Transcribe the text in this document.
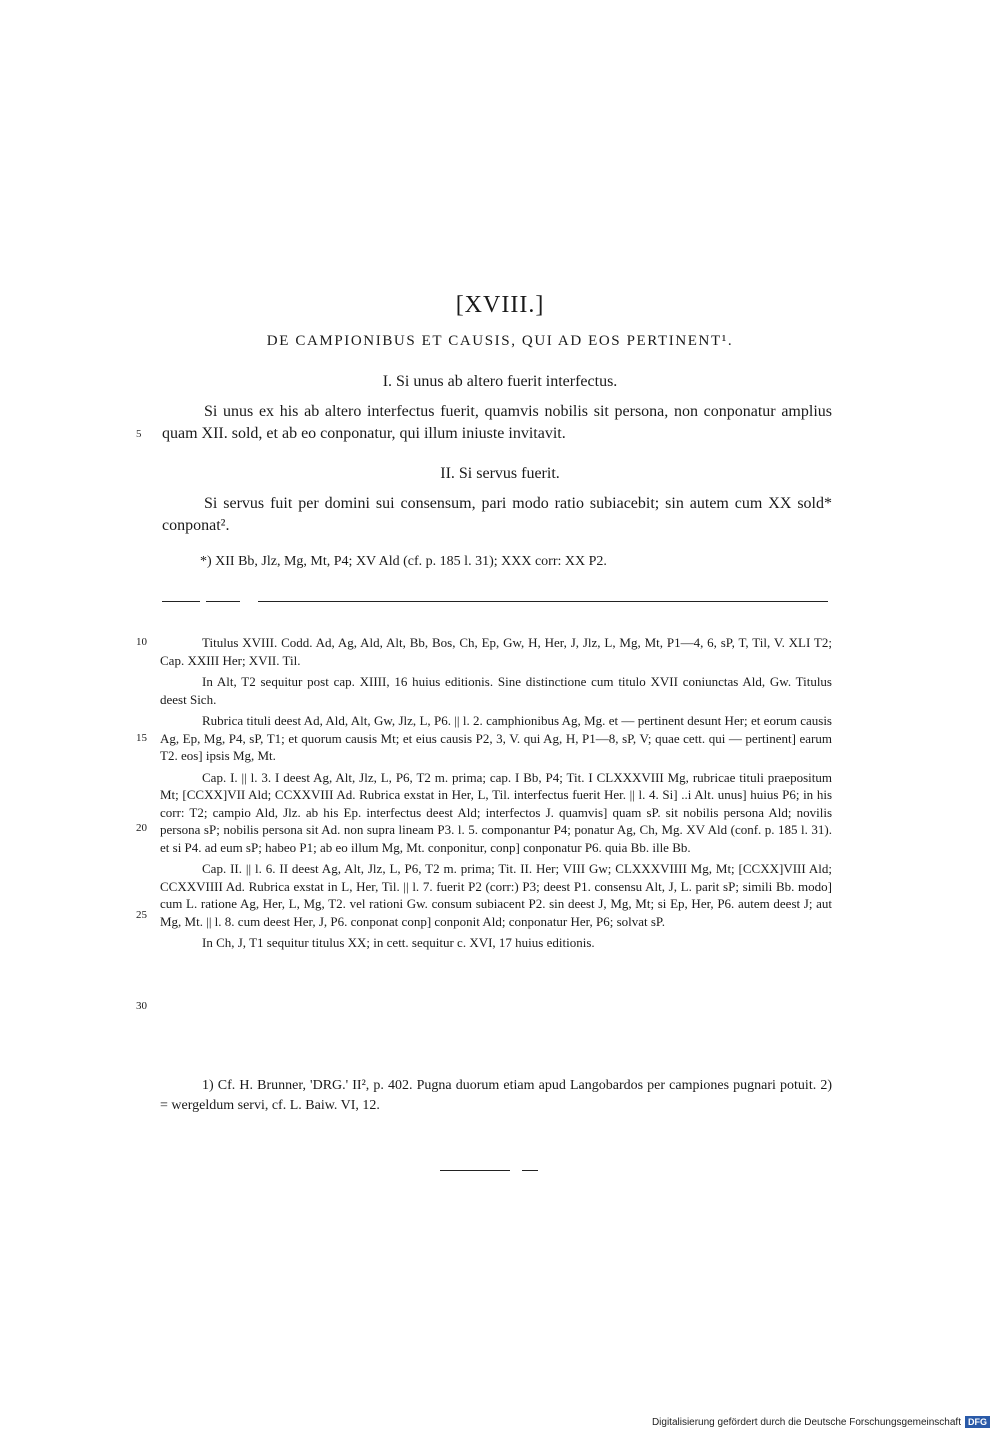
[XVIII.]
DE CAMPIONIBUS ET CAUSIS, QUI AD EOS PERTINENT¹.
I. Si unus ab altero fuerit interfectus.
Si unus ex his ab altero interfectus fuerit, quamvis nobilis sit persona, non conponatur amplius quam XII. sold, et ab eo conponatur, qui illum iniuste invitavit.
5
II. Si servus fuerit.
Si servus fuit per domini sui consensum, pari modo ratio subiacebit; sin autem cum XX sold* conponat².
*) XII Bb, Jlz, Mg, Mt, P4; XV Ald (cf. p. 185 l. 31); XXX corr: XX P2.
10
15
20
25
30

Titulus XVIII. Codd. Ad, Ag, Ald, Alt, Bb, Bos, Ch, Ep, Gw, H, Her, J, Jlz, L, Mg, Mt, P1—4, 6, sP, T, Til, V. XLI T2; Cap. XXIII Her; XVII. Til.

In Alt, T2 sequitur post cap. XIIII, 16 huius editionis. Sine distinctione cum titulo XVII coniunctas Ald, Gw. Titulus deest Sich.

Rubrica tituli deest Ad, Ald, Alt, Gw, Jlz, L, P6. || l. 2. camphionibus Ag, Mg. et — pertinent desunt Her; et eorum causis Ag, Ep, Mg, P4, sP, T1; et quorum causis Mt; et eius causis P2, 3, V. qui Ag, H, P1—8, sP, V; quae cett. qui — pertinent] earum T2. eos] ipsis Mg, Mt.

Cap. I. || l. 3. I deest Ag, Alt, Jlz, L, P6, T2 m. prima; cap. I Bb, P4; Tit. I CLXXXVIII Mg, rubricae tituli praepositum Mt; [CCXX]VII Ald; CCXXVIII Ad. Rubrica exstat in Her, L, Til. interfectus fuerit Her. || l. 4. Si] ..i Alt. unus] huius P6; in his corr: T2; campio Ald, Jlz. ab his Ep. interfectus deest Ald; interfectos J. quamvis] quam sP. sit nobilis persona Ald; novilis persona sP; nobilis persona sit Ad. non supra lineam P3. l. 5. componantur P4; ponatur Ag, Ch, Mg. XV Ald (conf. p. 185 l. 31). et si P4. ad eum sP; habeo P1; ab eo illum Mg, Mt. conponitur, conp] conponatur P6. quia Bb. ille Bb.

Cap. II. || l. 6. II deest Ag, Alt, Jlz, L, P6, T2 m. prima; Tit. II. Her; VIII Gw; CLXXXVIIII Mg, Mt; [CCXX]VIII Ald; CCXXVIIII Ad. Rubrica exstat in L, Her, Til. || l. 7. fuerit P2 (corr:) P3; deest P1. consensu Alt, J, L. parit sP; simili Bb. modo] cum L. ratione Ag, Her, L, Mg, T2. vel rationi Gw. consum subiacent P2. sin deest J, Mg, Mt; si Ep, Her, P6. autem deest J; aut Mg, Mt. || l. 8. cum deest Her, J, P6. conponat conp] conponit Ald; conponatur Her, P6; solvat sP.

In Ch, J, T1 sequitur titulus XX; in cett. sequitur c. XVI, 17 huius editionis.

1) Cf. H. Brunner, 'DRG.' II², p. 402. Pugna duorum etiam apud Langobardos per campiones pugnari potuit. 2) = wergeldum servi, cf. L. Baiw. VI, 12.

Digitalisierung gefördert durch die Deutsche Forschungsgemeinschaft DFG
